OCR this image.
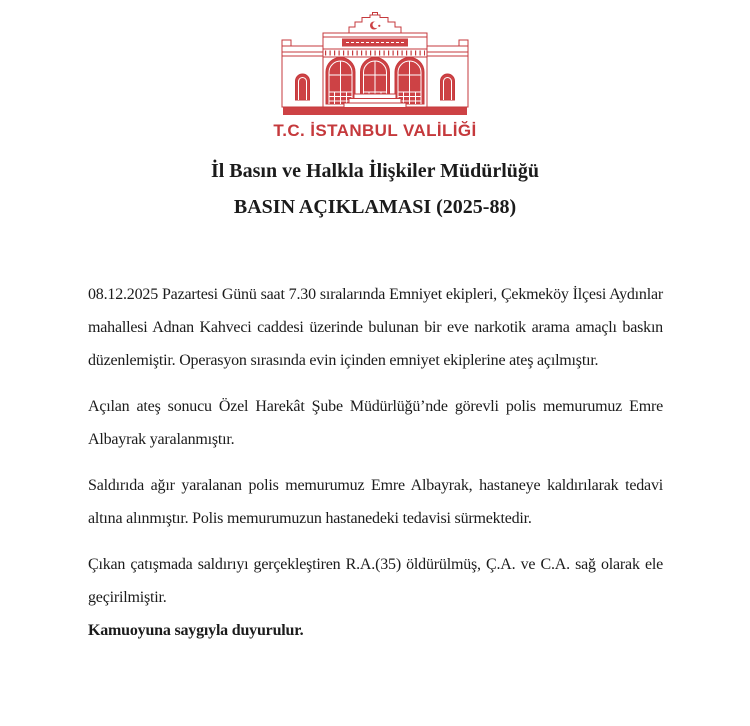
T.C. İSTANBUL VALİLİĞİ
İl Basın ve Halkla İlişkiler Müdürlüğü
BASIN AÇIKLAMASI (2025-88)

08.12.2025 Pazartesi Günü saat 7.30 sıralarında Emniyet ekipleri, Çekmeköy İlçesi Aydınlar mahallesi Adnan Kahveci caddesi üzerinde bulunan bir eve narkotik arama amaçlı baskın düzenlemiştir. Operasyon sırasında evin içinden emniyet ekiplerine ateş açılmıştır.

Açılan ateş sonucu Özel Harekât Şube Müdürlüğü’nde görevli polis memurumuz Emre Albayrak yaralanmıştır.

Saldırıda ağır yaralanan polis memurumuz Emre Albayrak, hastaneye kaldırılarak tedavi altına alınmıştır. Polis memurumuzun hastanedeki tedavisi sürmektedir.

Çıkan çatışmada saldırıyı gerçekleştiren R.A.(35) öldürülmüş, Ç.A. ve C.A. sağ olarak ele geçirilmiştir.

Kamuoyuna saygıyla duyurulur.
